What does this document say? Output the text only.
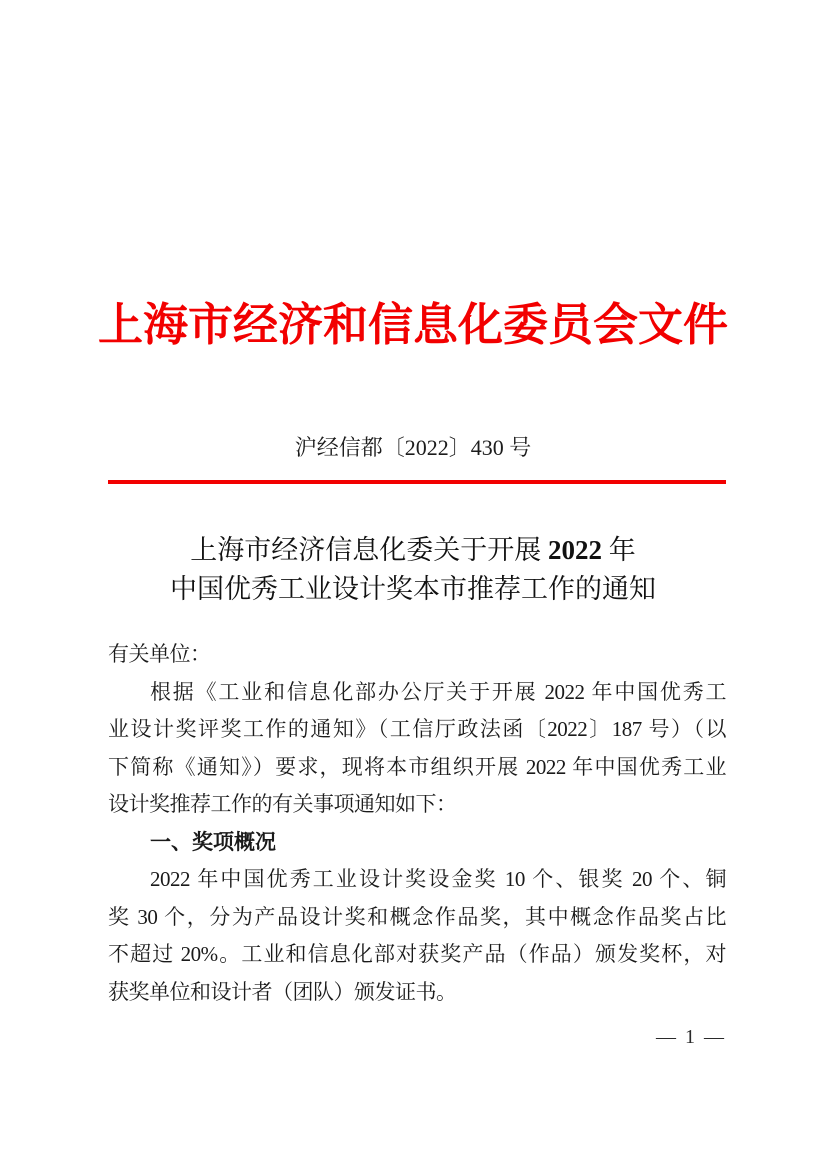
上海市经济和信息化委员会文件
沪经信都〔2022〕430 号
上海市经济信息化委关于开展 2022 年
中国优秀工业设计奖本市推荐工作的通知
有关单位：
根据《工业和信息化部办公厅关于开展 2022 年中国优秀工
业设计奖评奖工作的通知》（工信厅政法函〔2022〕187 号）（以
下简称《通知》）要求，现将本市组织开展 2022 年中国优秀工业
设计奖推荐工作的有关事项通知如下：
一、奖项概况
2022 年中国优秀工业设计奖设金奖 10 个、银奖 20 个、铜
奖 30 个，分为产品设计奖和概念作品奖，其中概念作品奖占比
不超过 20%。工业和信息化部对获奖产品（作品）颁发奖杯，对
获奖单位和设计者（团队）颁发证书。
— 1 —
